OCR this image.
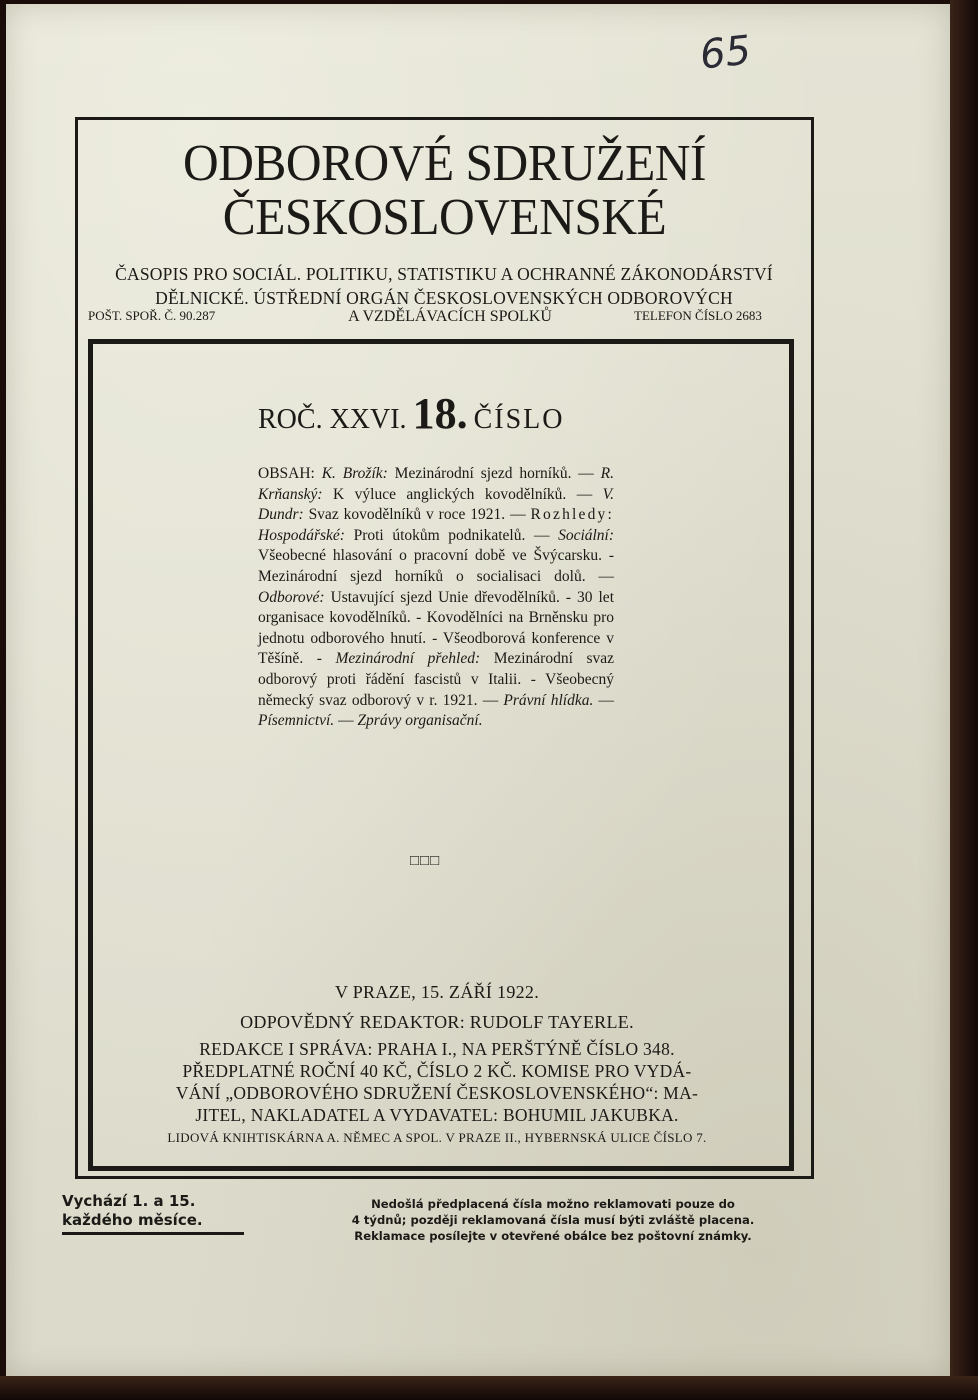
65
ODBOROVÉ SDRUŽENÍ
ČESKOSLOVENSKÉ
ČASOPIS PRO SOCIÁL. POLITIKU, STATISTIKU A OCHRANNÉ ZÁKONODÁRSTVÍ
DĚLNICKÉ. ÚSTŘEDNÍ ORGÁN ČESKOSLOVENSKÝCH ODBOROVÝCH
POŠT. SPOŘ. Č. 90.287	A VZDĚLÁVACÍCH SPOLKŮ	TELEFON ČÍSLO 2683
ROČ. XXVI. 18. ČÍSLO

OBSAH: K. Brožík: Mezinárodní sjezd horníků. — R. Krňanský: K výluce anglických kovodělníků. — V. Dundr: Svaz kovodělníků v roce 1921. — Rozhledy: Hospodářské: Proti útokům podnikatelů. — Sociální: Všeobecné hlasování o pracovní době ve Švýcarsku. - Mezinárodní sjezd horníků o socialisaci dolů. — Odborové: Ustavující sjezd Unie dřevodělníků. - 30 let organisace kovodělníků. - Kovodělníci na Brněnsku pro jednotu odborového hnutí. - Všeodborová konference v Těšíně. - Mezinárodní přehled: Mezinárodní svaz odborový proti řádění fascistů v Italii. - Všeobecný německý svaz odborový v r. 1921. — Právní hlídka. — Písemnictví. — Zprávy organisační.

□□□
V PRAZE, 15. ZÁŘÍ 1922.
ODPOVĚDNÝ REDAKTOR: RUDOLF TAYERLE.
REDAKCE I SPRÁVA: PRAHA I., NA PERŠTÝNĚ ČÍSLO 348.
PŘEDPLATNÉ ROČNÍ 40 KČ, ČÍSLO 2 KČ. KOMISE PRO VYDÁ-
VÁNÍ „ODBOROVÉHO SDRUŽENÍ ČESKOSLOVENSKÉHO“: MA-
JITEL, NAKLADATEL A VYDAVATEL: BOHUMIL JAKUBKA.
LIDOVÁ KNIHTISKÁRNA A. NĚMEC A SPOL. V PRAZE II., HYBERNSKÁ ULICE ČÍSLO 7.
Vychází 1. a 15.
každého měsíce.
Nedošlá předplacená čísla možno reklamovati pouze do
4 týdnů; později reklamovaná čísla musí býti zvláště placena.
Reklamace posílejte v otevřené obálce bez poštovní známky.
